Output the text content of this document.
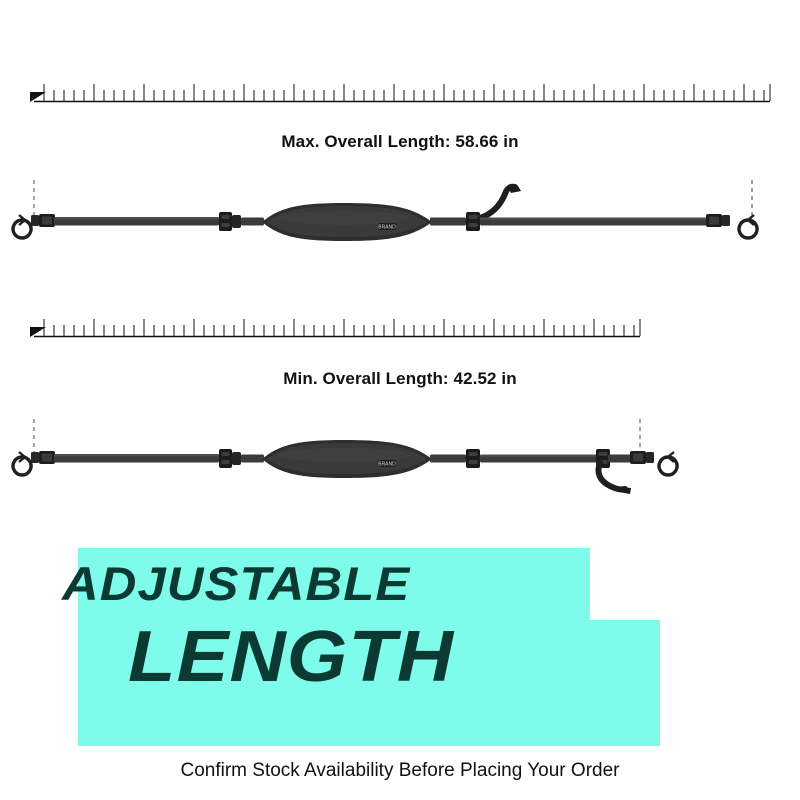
Max. Overall Length: 58.66 in
BRAND
Min. Overall Length: 42.52 in
BRAND
ADJUSTABLE
LENGTH
Confirm Stock Availability Before Placing Your Order
